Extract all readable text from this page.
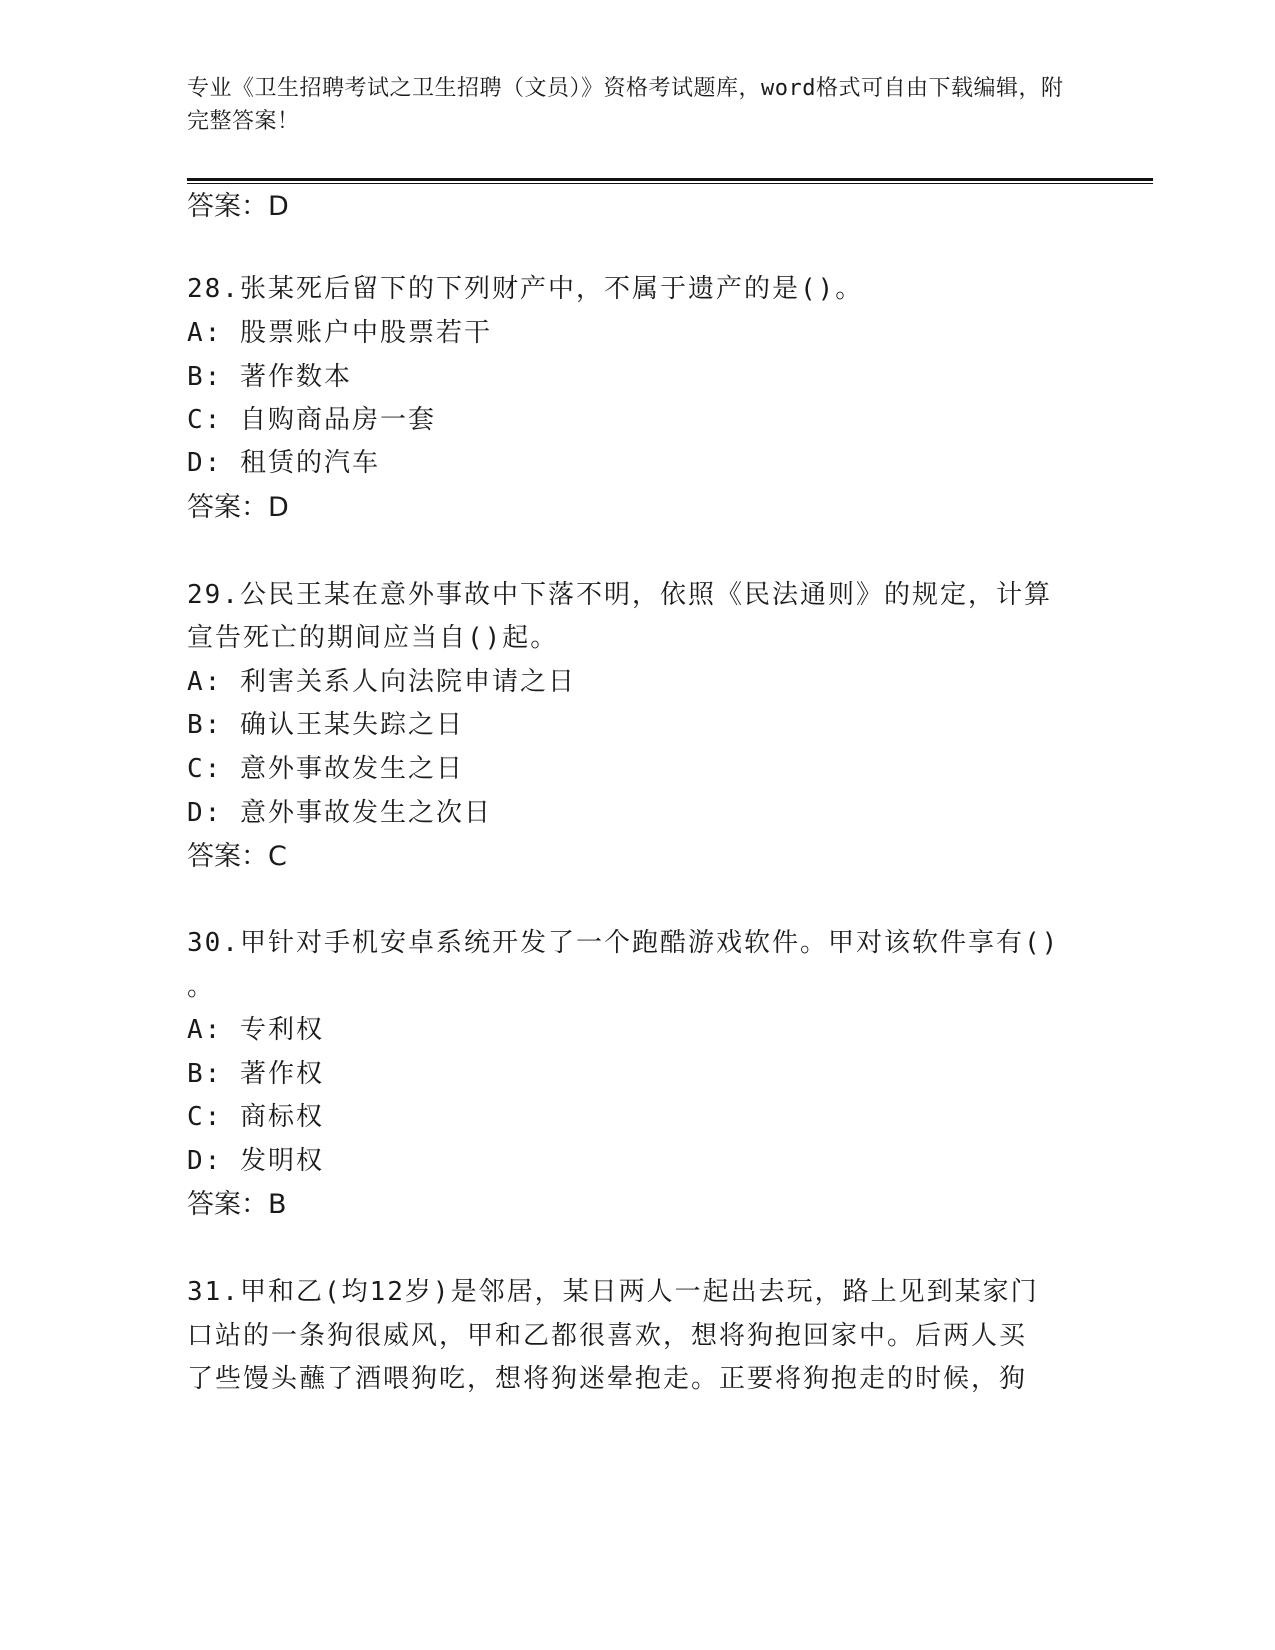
专业《卫生招聘考试之卫生招聘（文员）》资格考试题库，word格式可自由下载编辑，附完整答案！
答案：D
28.张某死后留下的下列财产中，不属于遗产的是()。
A: 股票账户中股票若干
B: 著作数本
C: 自购商品房一套
D: 租赁的汽车
答案：D
29.公民王某在意外事故中下落不明，依照《民法通则》的规定，计算
宣告死亡的期间应当自()起。
A: 利害关系人向法院申请之日
B: 确认王某失踪之日
C: 意外事故发生之日
D: 意外事故发生之次日
答案：C
30.甲针对手机安卓系统开发了一个跑酷游戏软件。甲对该软件享有()
。
A: 专利权
B: 著作权
C: 商标权
D: 发明权
答案：B
31.甲和乙(均12岁)是邻居，某日两人一起出去玩，路上见到某家门
口站的一条狗很威风，甲和乙都很喜欢，想将狗抱回家中。后两人买
了些馒头蘸了酒喂狗吃，想将狗迷晕抱走。正要将狗抱走的时候，狗
